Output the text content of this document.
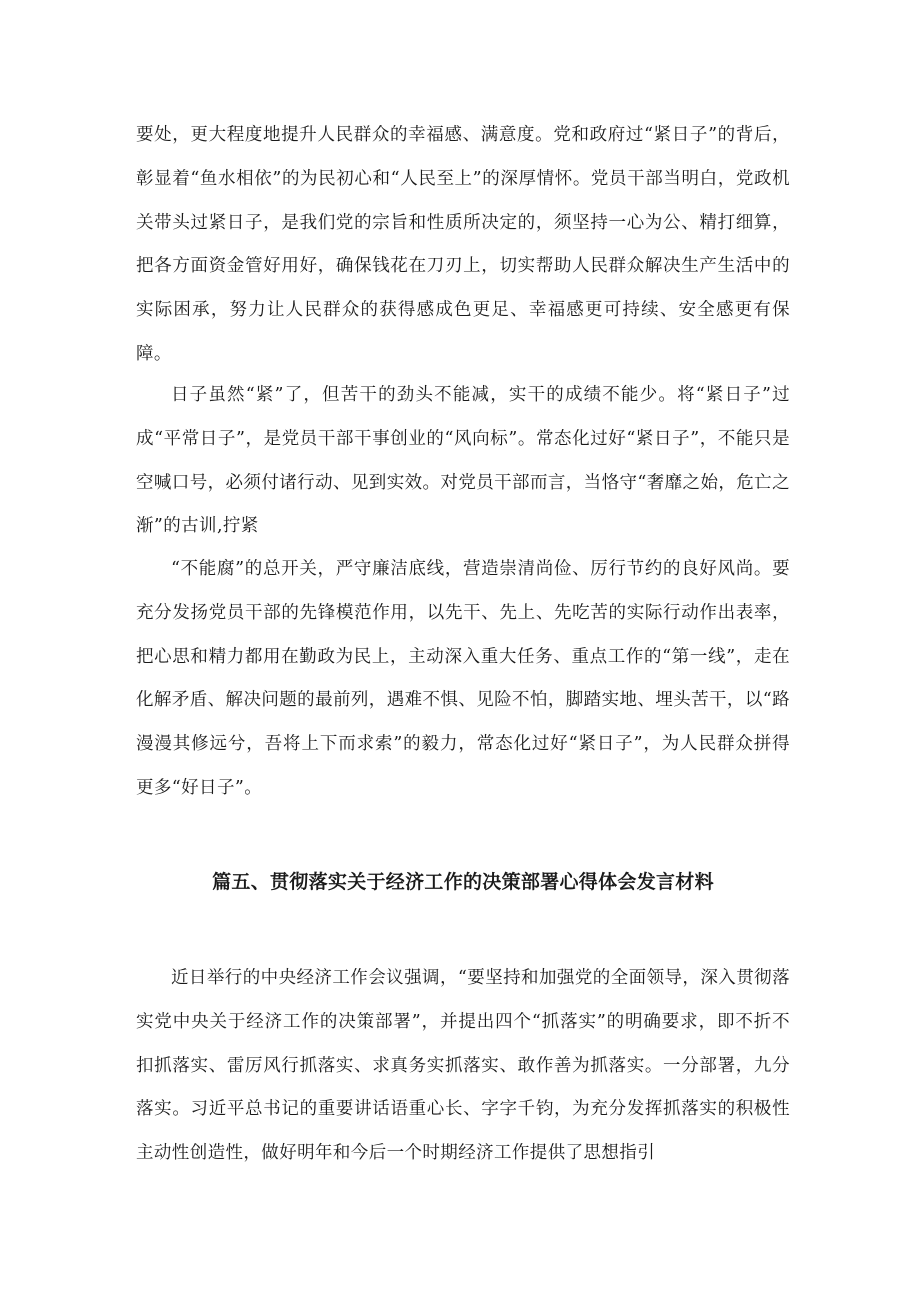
要处，更大程度地提升人民群众的幸福感、满意度。党和政府过“紧日子”的背后，彰显着“鱼水相依”的为民初心和“人民至上”的深厚情怀。党员干部当明白，党政机关带头过紧日子，是我们党的宗旨和性质所决定的，须坚持一心为公、精打细算，把各方面资金管好用好，确保钱花在刀刃上，切实帮助人民群众解决生产生活中的实际困承，努力让人民群众的获得感成色更足、幸福感更可持续、安全感更有保障。

日子虽然“紧”了，但苦干的劲头不能减，实干的成绩不能少。将“紧日子”过成“平常日子”，是党员干部干事创业的“风向标”。常态化过好“紧日子”，不能只是空喊口号，必须付诸行动、见到实效。对党员干部而言，当恪守“奢靡之始，危亡之渐”的古训,拧紧

“不能腐”的总开关，严守廉洁底线，营造崇清尚俭、厉行节约的良好风尚。要充分发扬党员干部的先锋模范作用，以先干、先上、先吃苦的实际行动作出表率，把心思和精力都用在勤政为民上，主动深入重大任务、重点工作的“第一线”，走在化解矛盾、解决问题的最前列，遇难不惧、见险不怕，脚踏实地、埋头苦干，以“路漫漫其修远兮，吾将上下而求索”的毅力，常态化过好“紧日子”，为人民群众拼得更多“好日子”。

篇五、贯彻落实关于经济工作的决策部署心得体会发言材料

近日举行的中央经济工作会议强调，“要坚持和加强党的全面领导，深入贯彻落实党中央关于经济工作的决策部署”，并提出四个“抓落实”的明确要求，即不折不扣抓落实、雷厉风行抓落实、求真务实抓落实、敢作善为抓落实。一分部署，九分落实。习近平总书记的重要讲话语重心长、字字千钧，为充分发挥抓落实的积极性主动性创造性，做好明年和今后一个时期经济工作提供了思想指引
